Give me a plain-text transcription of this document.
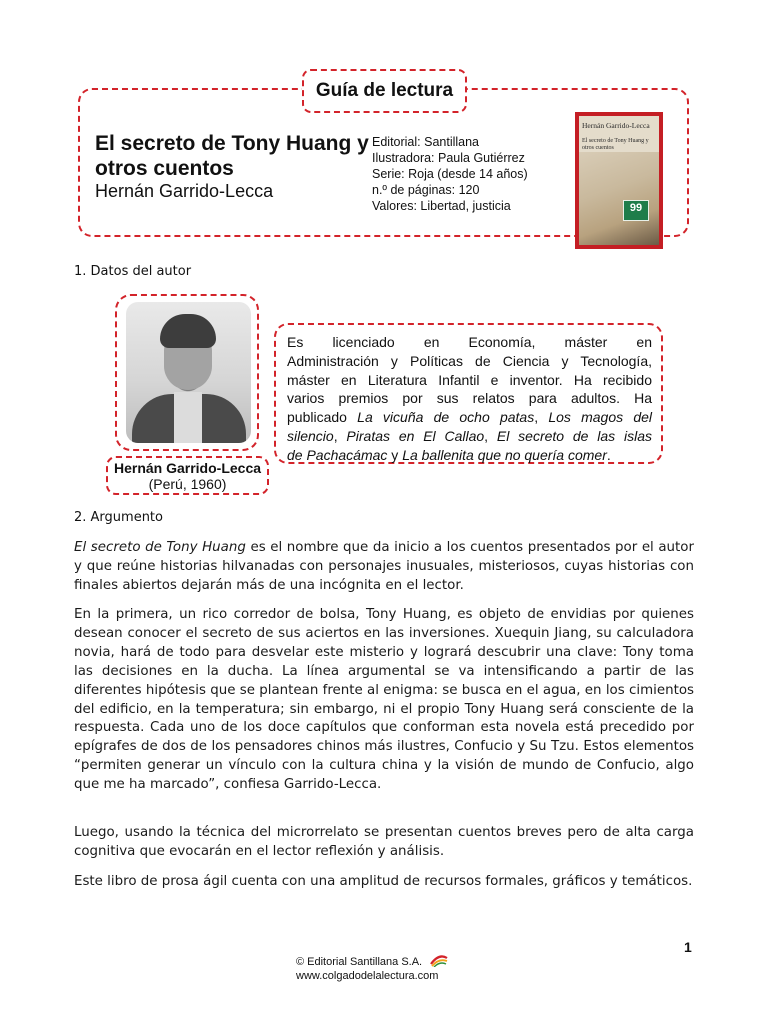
Guía de lectura
El secreto de Tony Huang y otros cuentos
Hernán Garrido-Lecca
Editorial: Santillana
Ilustradora: Paula Gutiérrez
Serie: Roja (desde 14 años)
n.º de páginas: 120
Valores: Libertad, justicia
Hernán Garrido-Lecca
El secreto de Tony Huang y otros cuentos
99
1. Datos del autor
Hernán Garrido-Lecca
(Perú, 1960)
Es licenciado en Economía, máster en
Administración y Políticas de Ciencia y Tecnología,
máster en Literatura Infantil e inventor. Ha recibido
varios premios por sus relatos para adultos. Ha
publicado La vicuña de ocho patas, Los magos del
silencio, Piratas en El Callao, El secreto de las islas
de Pachacámac y La ballenita que no quería comer.
2. Argumento
El secreto de Tony Huang es el nombre que da inicio a los cuentos presentados por el autor y que reúne historias hilvanadas con personajes inusuales, misteriosos, cuyas historias con finales abiertos dejarán más de una incógnita en el lector.
En la primera, un rico corredor de bolsa, Tony Huang, es objeto de envidias por quienes desean conocer el secreto de sus aciertos en las inversiones. Xuequin Jiang, su calculadora novia, hará de todo para desvelar este misterio y logrará descubrir una clave: Tony toma las decisiones en la ducha. La línea argumental se va intensificando a partir de las diferentes hipótesis que se plantean frente al enigma: se busca en el agua, en los cimientos del edificio, en la temperatura; sin embargo, ni el propio Tony Huang será consciente de la respuesta. Cada uno de los doce capítulos que conforman esta novela está precedido por epígrafes de dos de los pensadores chinos más ilustres, Confucio y Su Tzu. Estos elementos “permiten generar un vínculo con la cultura china y la visión de mundo de Confucio, algo que me ha marcado”, confiesa Garrido-Lecca.
Luego, usando la técnica del microrrelato se presentan cuentos breves pero de alta carga cognitiva que evocarán en el lector reflexión y análisis.
Este libro de prosa ágil cuenta con una amplitud de recursos formales, gráficos y temáticos.
1
© Editorial Santillana S.A.
www.colgadodelalectura.com
